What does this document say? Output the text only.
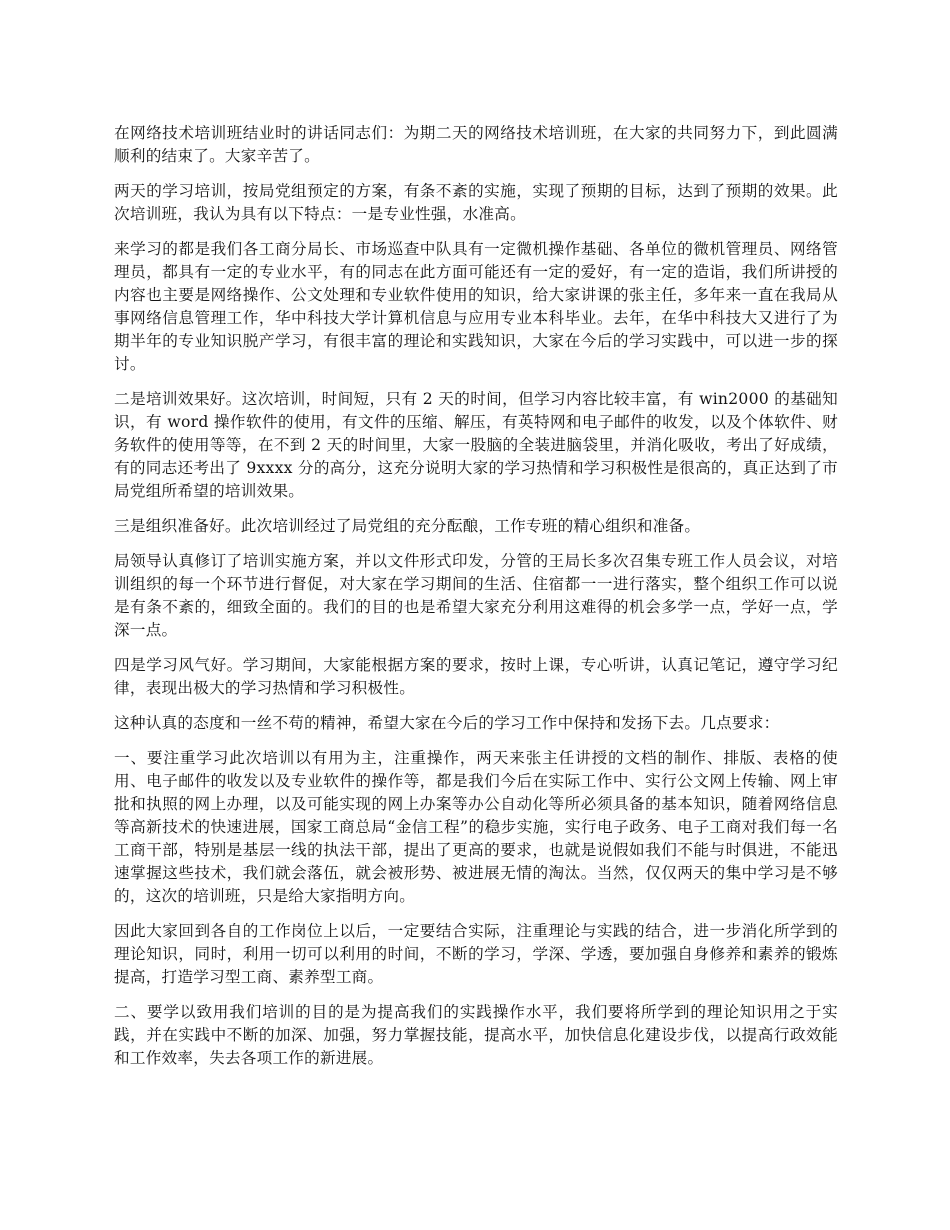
在网络技术培训班结业时的讲话同志们：为期二天的网络技术培训班，在大家的共同努力下，到此圆满顺利的结束了。大家辛苦了。

两天的学习培训，按局党组预定的方案，有条不紊的实施，实现了预期的目标，达到了预期的效果。此次培训班，我认为具有以下特点：一是专业性强，水准高。

来学习的都是我们各工商分局长、市场巡查中队具有一定微机操作基础、各单位的微机管理员、网络管理员，都具有一定的专业水平，有的同志在此方面可能还有一定的爱好，有一定的造诣，我们所讲授的内容也主要是网络操作、公文处理和专业软件使用的知识，给大家讲课的张主任，多年来一直在我局从事网络信息管理工作，华中科技大学计算机信息与应用专业本科毕业。去年，在华中科技大又进行了为期半年的专业知识脱产学习，有很丰富的理论和实践知识，大家在今后的学习实践中，可以进一步的探讨。

二是培训效果好。这次培训，时间短，只有 2 天的时间，但学习内容比较丰富，有 win2000 的基础知识，有 word 操作软件的使用，有文件的压缩、解压，有英特网和电子邮件的收发，以及个体软件、财务软件的使用等等，在不到 2 天的时间里，大家一股脑的全装进脑袋里，并消化吸收，考出了好成绩，有的同志还考出了 9xxxx 分的高分，这充分说明大家的学习热情和学习积极性是很高的，真正达到了市局党组所希望的培训效果。

三是组织准备好。此次培训经过了局党组的充分酝酿，工作专班的精心组织和准备。

局领导认真修订了培训实施方案，并以文件形式印发，分管的王局长多次召集专班工作人员会议，对培训组织的每一个环节进行督促，对大家在学习期间的生活、住宿都一一进行落实，整个组织工作可以说是有条不紊的，细致全面的。我们的目的也是希望大家充分利用这难得的机会多学一点，学好一点，学深一点。

四是学习风气好。学习期间，大家能根据方案的要求，按时上课，专心听讲，认真记笔记，遵守学习纪律，表现出极大的学习热情和学习积极性。

这种认真的态度和一丝不苟的精神，希望大家在今后的学习工作中保持和发扬下去。几点要求：

一、要注重学习此次培训以有用为主，注重操作，两天来张主任讲授的文档的制作、排版、表格的使用、电子邮件的收发以及专业软件的操作等，都是我们今后在实际工作中、实行公文网上传输、网上审批和执照的网上办理，以及可能实现的网上办案等办公自动化等所必须具备的基本知识，随着网络信息等高新技术的快速进展，国家工商总局“金信工程”的稳步实施，实行电子政务、电子工商对我们每一名工商干部，特别是基层一线的执法干部，提出了更高的要求，也就是说假如我们不能与时俱进，不能迅速掌握这些技术，我们就会落伍，就会被形势、被进展无情的淘汰。当然，仅仅两天的集中学习是不够的，这次的培训班，只是给大家指明方向。

因此大家回到各自的工作岗位上以后，一定要结合实际，注重理论与实践的结合，进一步消化所学到的理论知识，同时，利用一切可以利用的时间，不断的学习，学深、学透，要加强自身修养和素养的锻炼提高，打造学习型工商、素养型工商。

二、要学以致用我们培训的目的是为提高我们的实践操作水平，我们要将所学到的理论知识用之于实践，并在实践中不断的加深、加强，努力掌握技能，提高水平，加快信息化建设步伐，以提高行政效能和工作效率，失去各项工作的新进展。
